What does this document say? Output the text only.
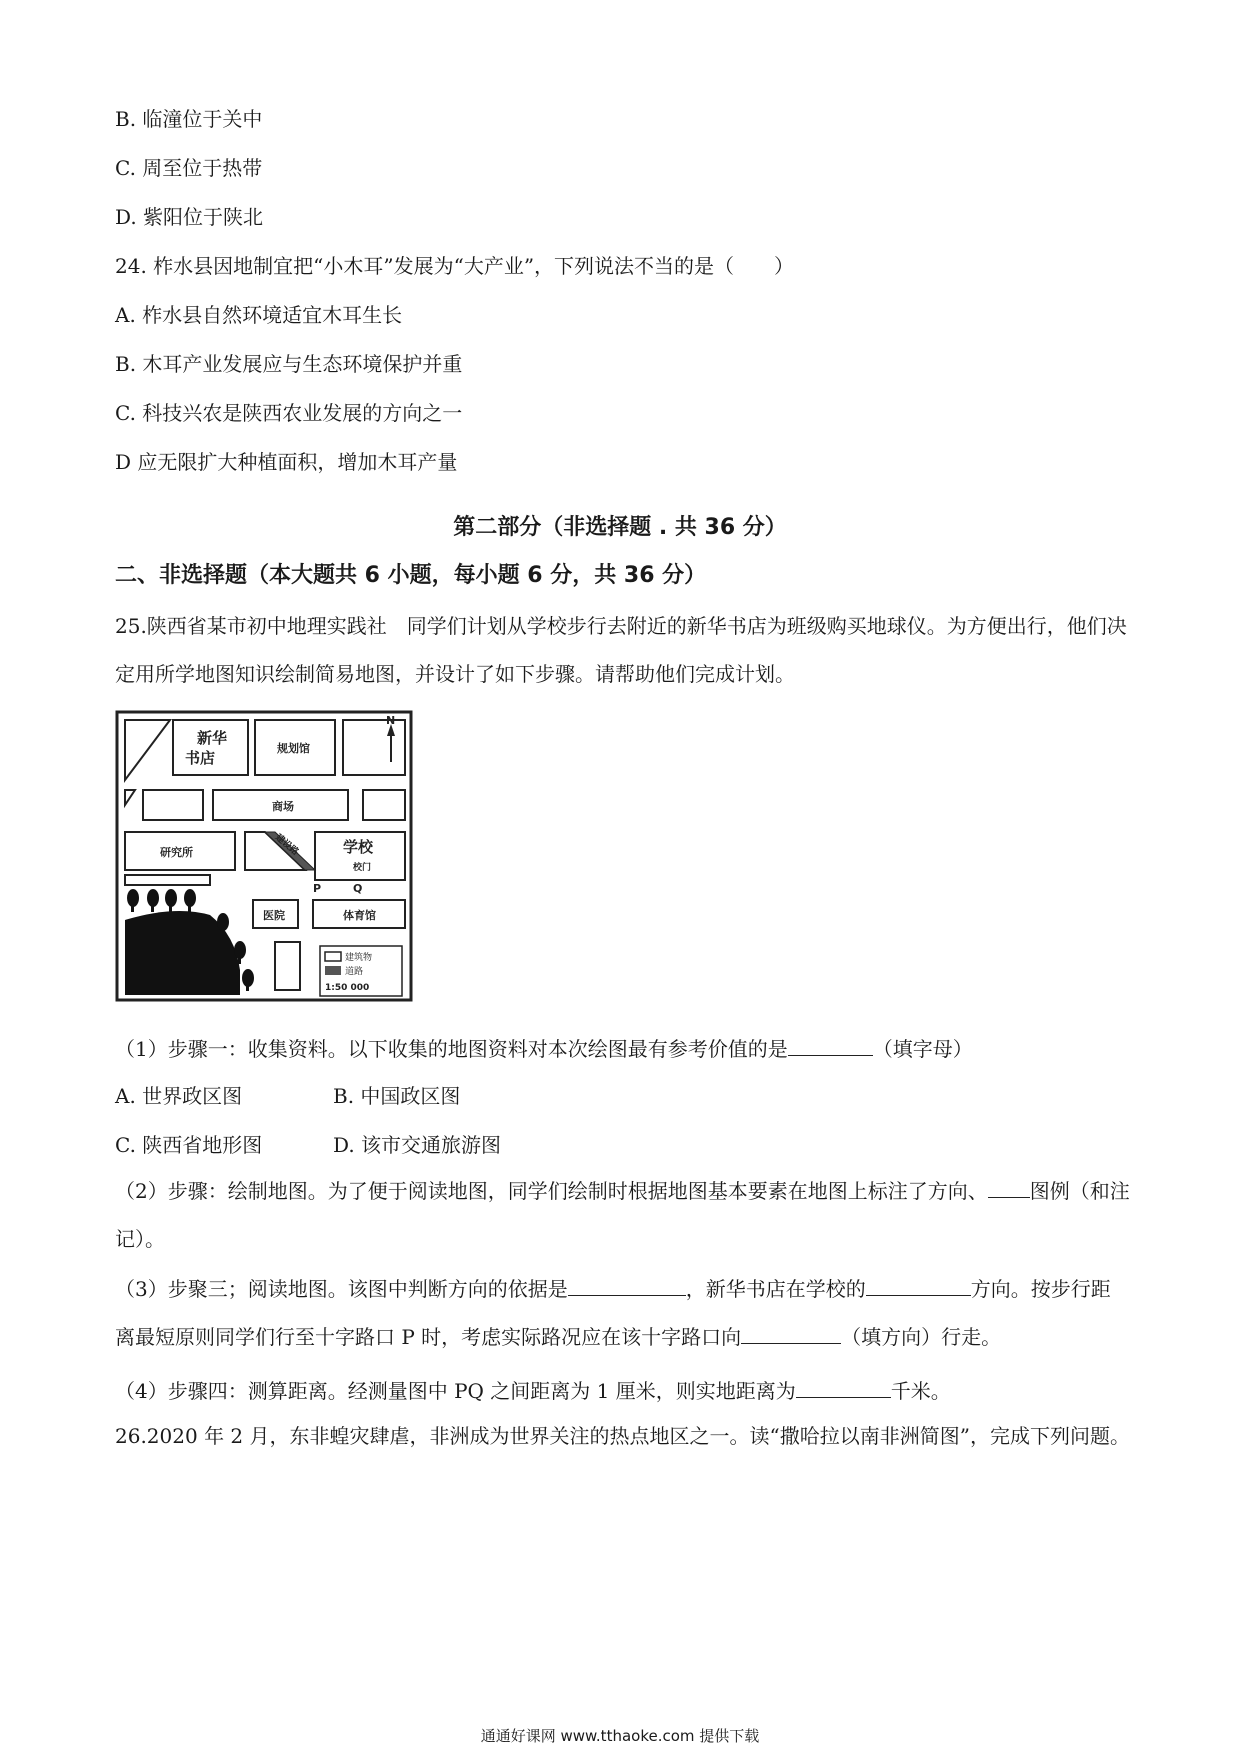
B. 临潼位于关中
C. 周至位于热带
D. 紫阳位于陕北
24. 柞水县因地制宜把“小木耳”发展为“大产业”，下列说法不当的是（　　）
A. 柞水县自然环境适宜木耳生长
B. 木耳产业发展应与生态环境保护并重
C. 科技兴农是陕西农业发展的方向之一
D 应无限扩大种植面积，增加木耳产量
第二部分（非选择题 . 共 36 分）
二、非选择题（本大题共 6 小题，每小题 6 分，共 36 分）
25.陕西省某市初中地理实践社　同学们计划从学校步行去附近的新华书店为班级购买地球仪。为方便出行，他们决定用所学地图知识绘制简易地图，并设计了如下步骤。请帮助他们完成计划。
新华
书店
规划馆
商场
研究所	建设路	学校
校门
P	Q
医院	体育馆
N
建筑物
道路
1:50 000
（1）步骤一：收集资料。以下收集的地图资料对本次绘图最有参考价值的是	（填字母）
A. 世界政区图	B. 中国政区图
C. 陕西省地形图	D. 该市交通旅游图
（2）步骤：绘制地图。为了便于阅读地图，同学们绘制时根据地图基本要素在地图上标注了方向、 图例（和注记）。
（3）步聚三；阅读地图。该图中判断方向的依据是	，新华书店在学校的	方向。按步行距离最短原则同学们行至十字路口 P 时，考虑实际路况应在该十字路口向	（填方向）行走。
（4）步骤四：测算距离。经测量图中 PQ 之间距离为 1 厘米，则实地距离为	千米。
26.2020 年 2 月，东非蝗灾肆虐，非洲成为世界关注的热点地区之一。读“撒哈拉以南非洲简图”，完成下列问题。
通通好课网 www.tthaoke.com 提供下载
